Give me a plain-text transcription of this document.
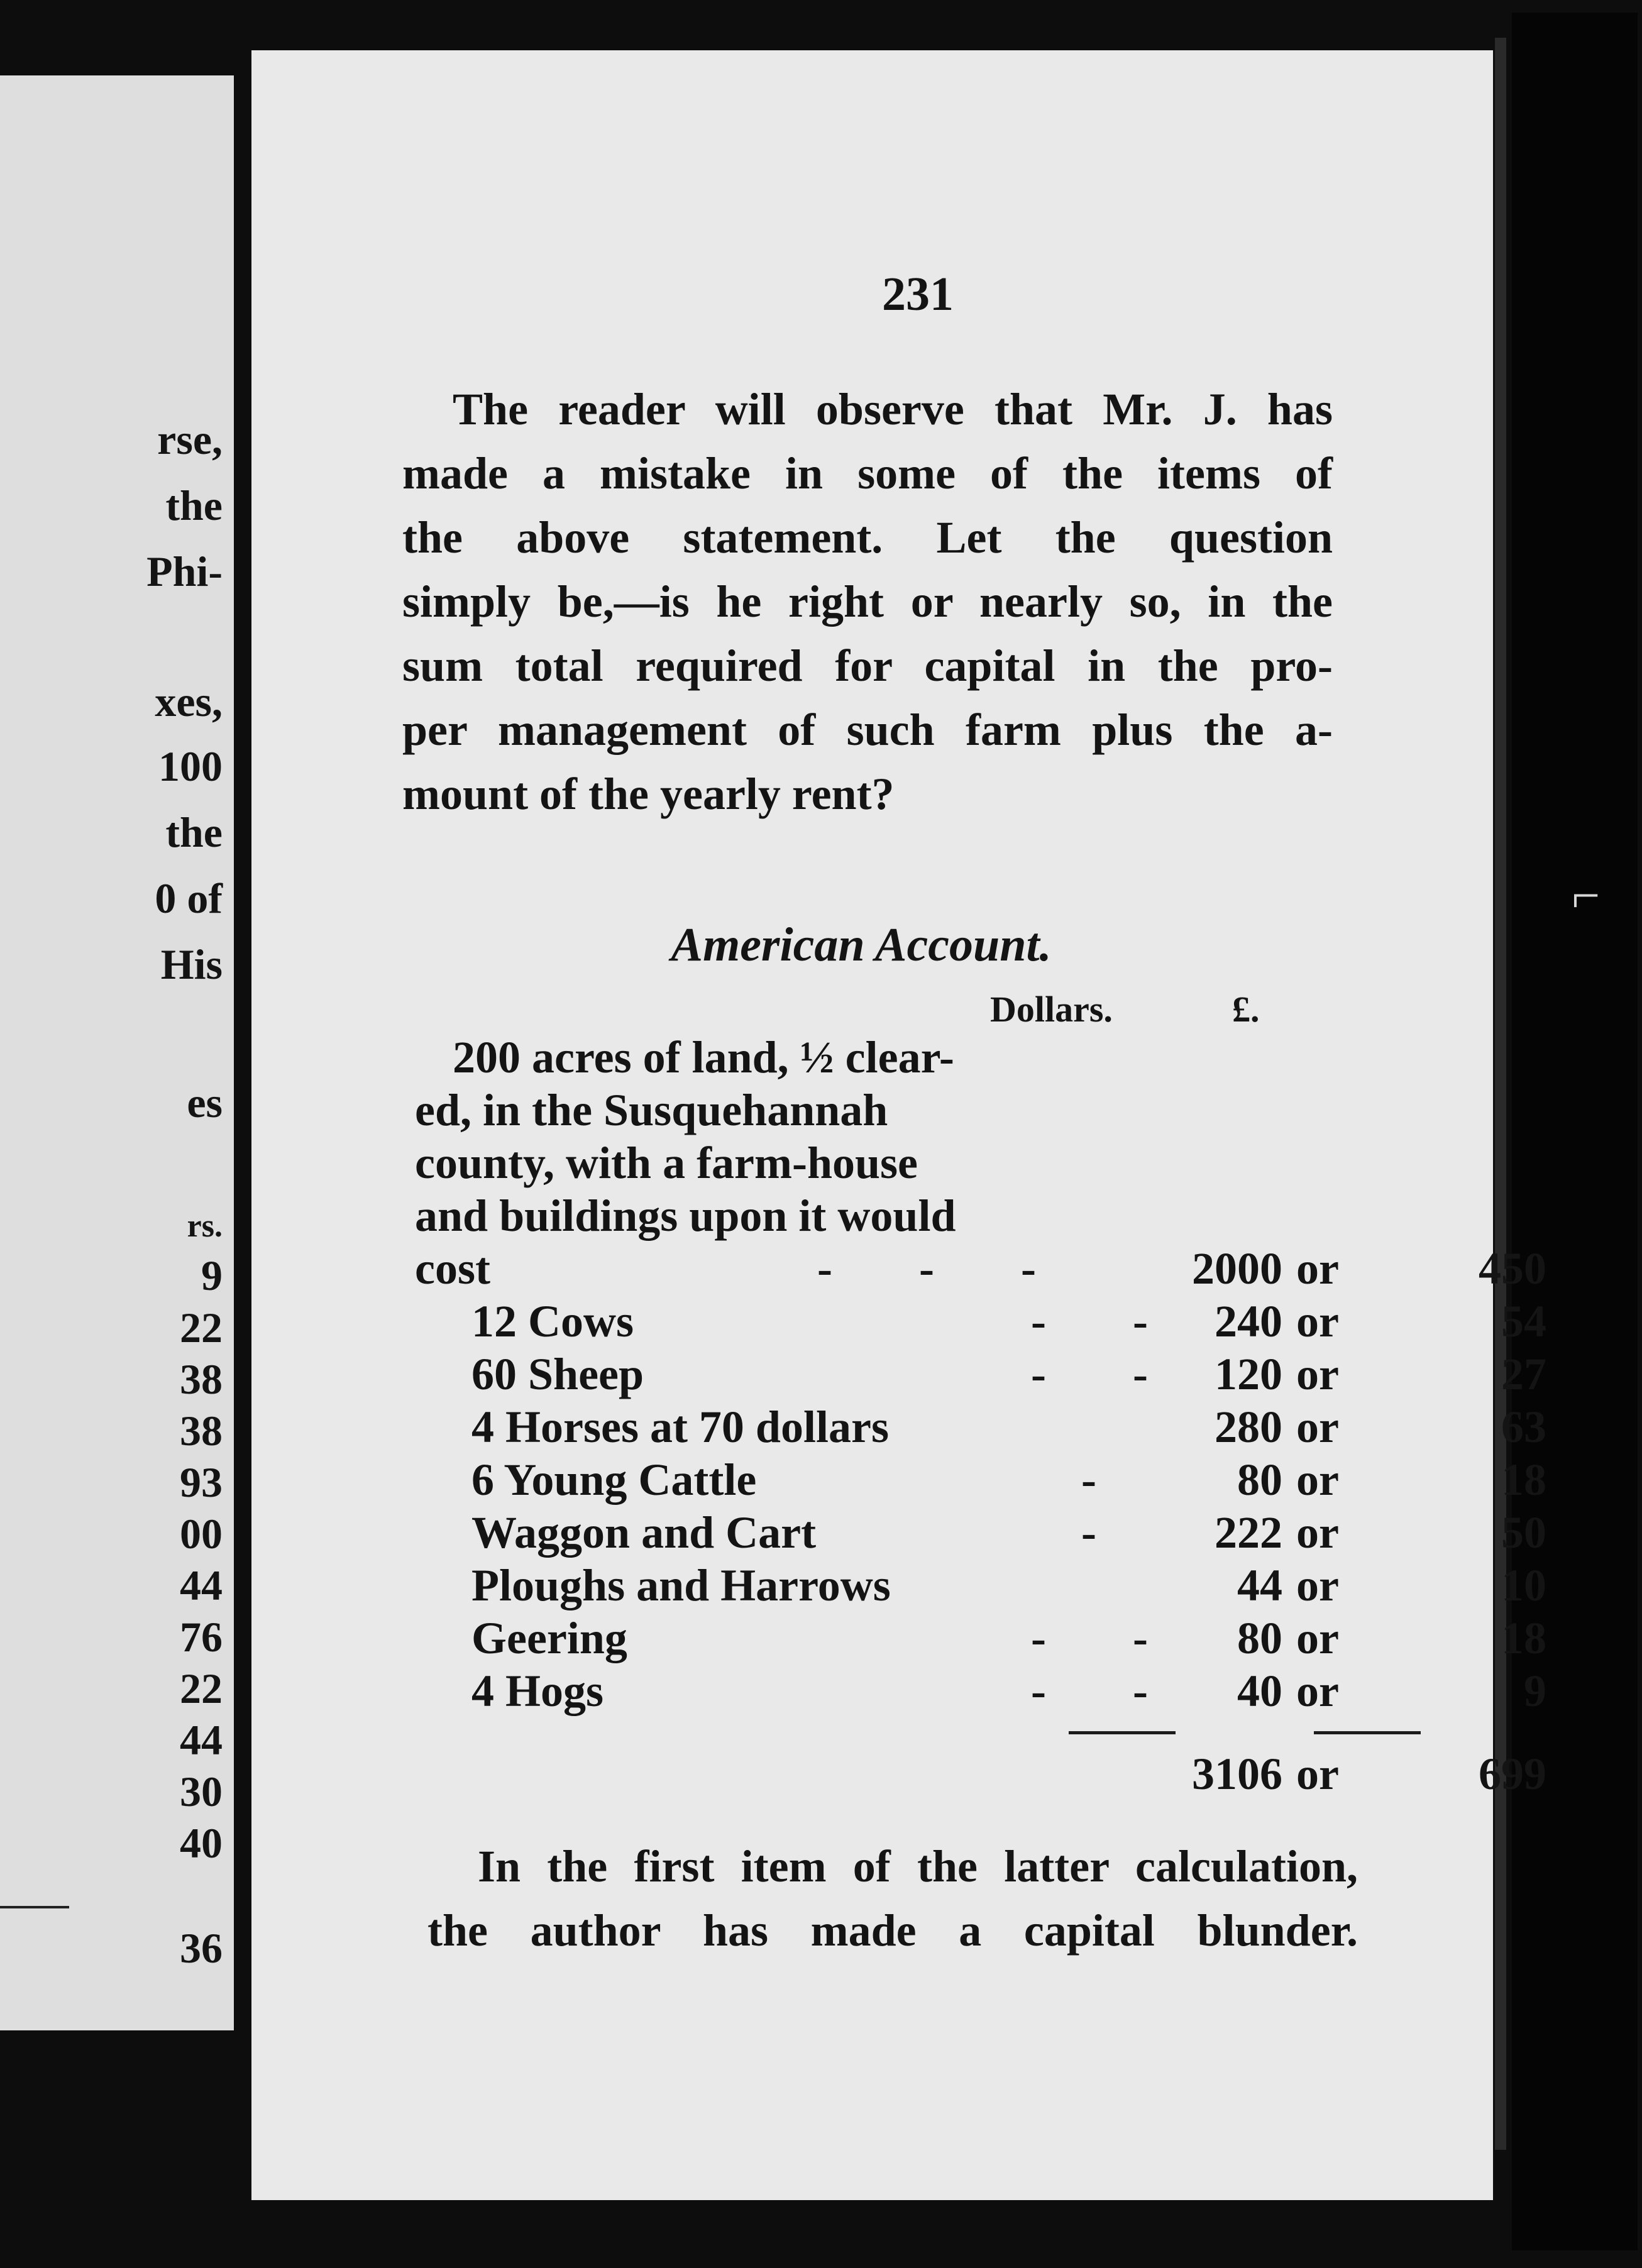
⌐
rse,
the
Phi-
xes,
100
the
0 of
His
es
rs.
9
22
38
38
93
00
44
76
22
44
30
40
36
231
The reader will observe that Mr. J. has
made a mistake in some of the items of
the above statement. Let the question
simply be,—is he right or nearly so, in the
sum total required for capital in the pro-
per management of such farm plus the a-
mount of the yearly rent?
American Account.
Dollars.	£.
200 acres of land, ½ clear-
ed, in the Susquehannah
county, with a farm-house
and buildings upon it would
cost	- - -	2000 or	450
12 Cows	- - 240 or	54
60 Sheep	- - 120 or	27
4 Horses at 70 dollars	280 or	63
6 Young Cattle	-	80 or	18
Waggon and Cart	-	222 or	50
Ploughs and Harrows	44 or	10
Geering	- -	80 or	18
4 Hogs	- -	40 or	9
3106 or	699
In the first item of the latter calculation,
the author has made a capital blunder.
